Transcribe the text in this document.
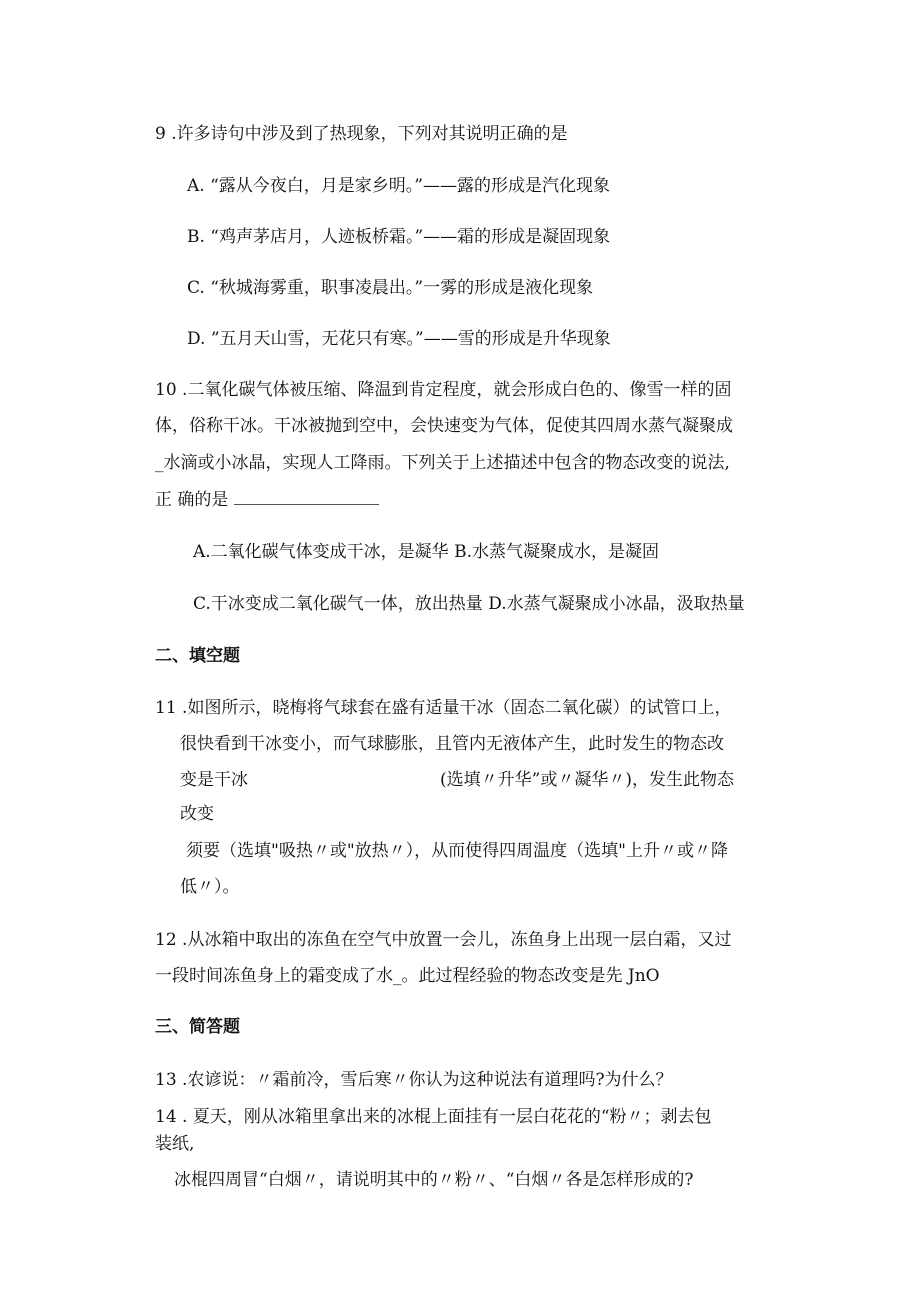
9 .许多诗句中涉及到了热现象，下列对其说明正确的是
A. “露从今夜白，月是家乡明。”——露的形成是汽化现象
B. “鸡声茅店月，人迹板桥霜。”——霜的形成是凝固现象
C. “秋城海雾重，职事凌晨出。”一雾的形成是液化现象
D. ”五月天山雪，无花只有寒。”——雪的形成是升华现象
10 .二氧化碳气体被压缩、降温到肯定程度，就会形成白色的、像雪一样的固
体，俗称干冰。干冰被抛到空中，会快速变为气体，促使其四周水蒸气凝聚成
_水滴或小冰晶，实现人工降雨。下列关于上述描述中包含的物态改变的说法,
正 确的是
A.二氧化碳气体变成干冰，是凝华 B.水蒸气凝聚成水，是凝固
C.干冰变成二氧化碳气一体，放出热量 D.水蒸气凝聚成小冰晶，汲取热量
二、填空题
11 .如图所示，晓梅将气球套在盛有适量干冰（固态二氧化碳）的试管口上，
很快看到干冰变小，而气球膨胀，且管内无液体产生，此时发生的物态改
变是干冰	(选填〃升华”或〃凝华〃)，发生此物态
改变
须要（选填"吸热〃或"放热〃），从而使得四周温度（选填"上升〃或〃降
低〃）。
12 .从冰箱中取出的冻鱼在空气中放置一会儿，冻鱼身上出现一层白霜，又过
一段时间冻鱼身上的霜变成了水_。此过程经验的物态改变是先 JnO
三、简答题
13 .农谚说：〃霜前冷，雪后寒〃你认为这种说法有道理吗?为什么？
14 . 夏天，刚从冰箱里拿出来的冰棍上面挂有一层白花花的“粉〃；剥去包
装纸,
冰棍四周冒“白烟〃，请说明其中的〃粉〃、“白烟〃各是怎样形成的?
